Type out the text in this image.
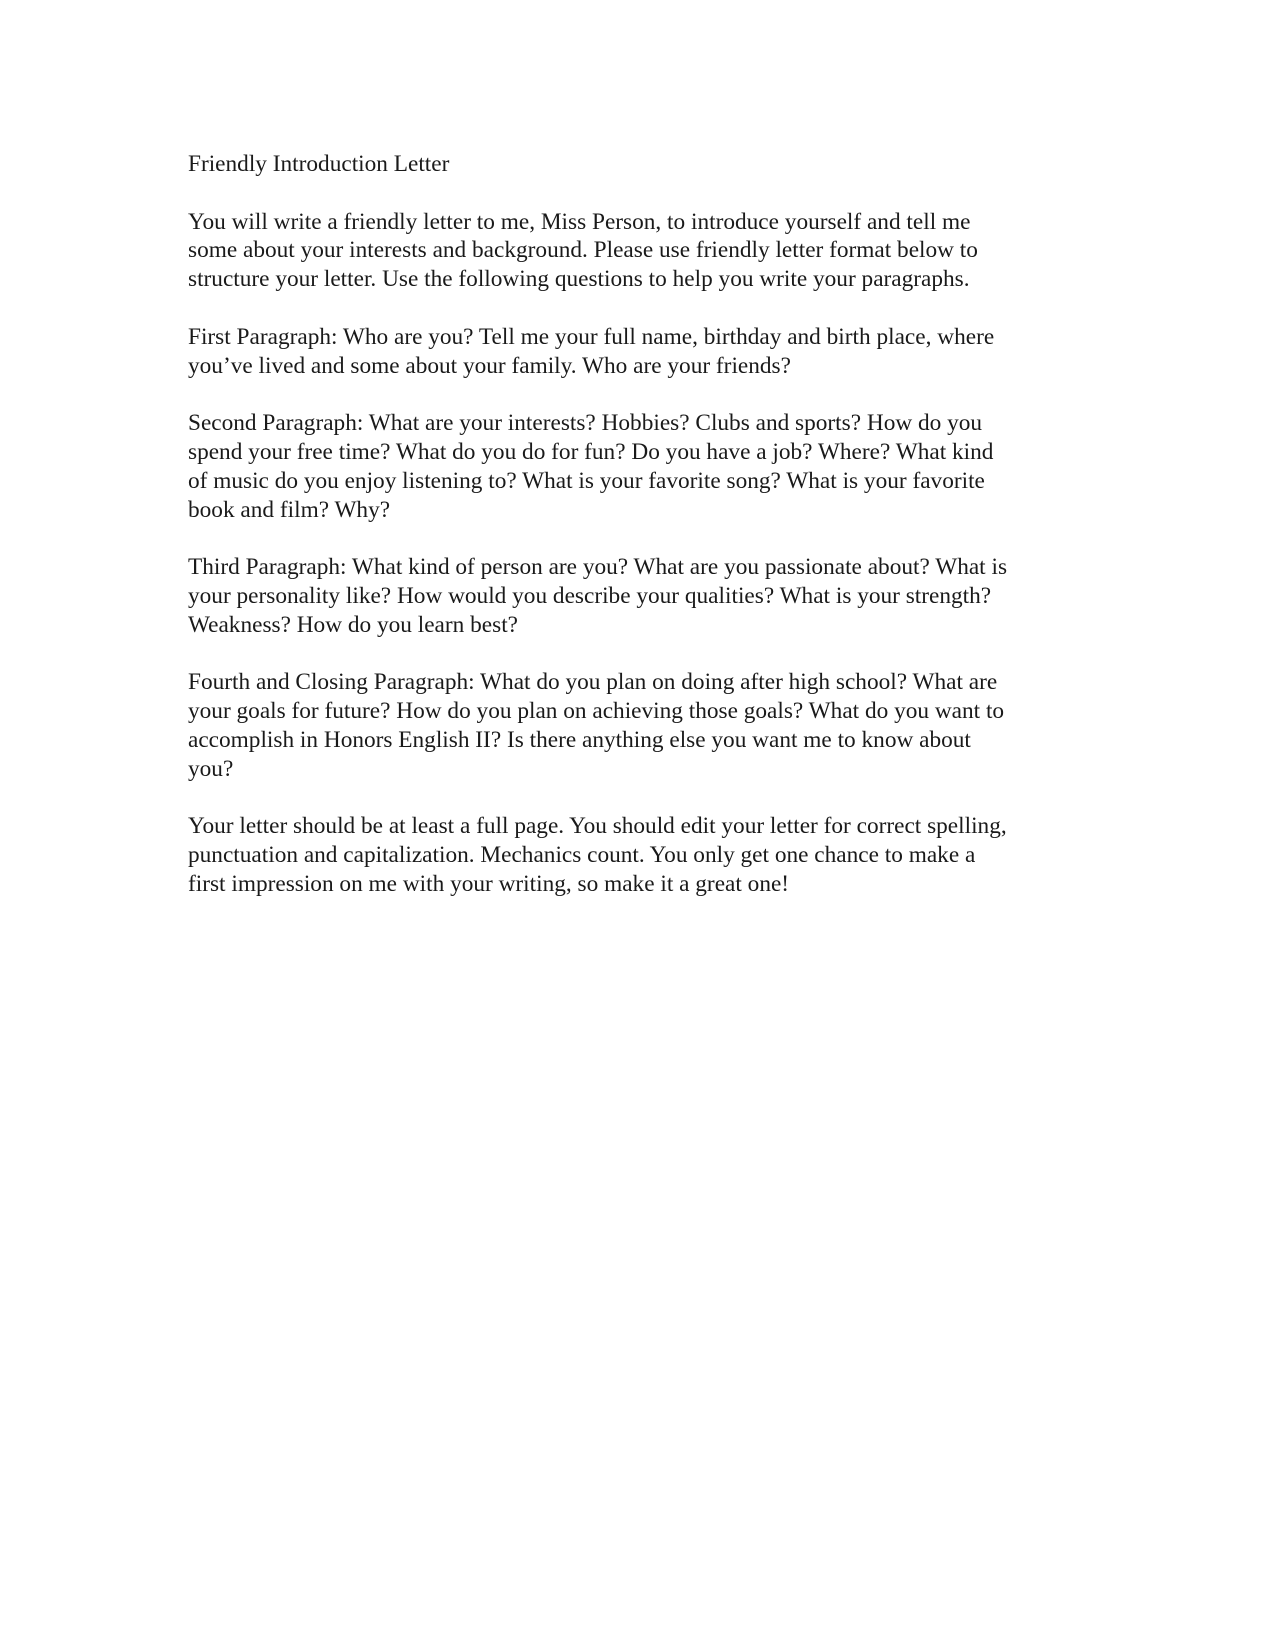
Friendly Introduction Letter
You will write a friendly letter to me, Miss Person, to introduce yourself and tell me
some about your interests and background. Please use friendly letter format below to
structure your letter. Use the following questions to help you write your paragraphs.
First Paragraph: Who are you? Tell me your full name, birthday and birth place, where
you’ve lived and some about your family. Who are your friends?
Second Paragraph: What are your interests? Hobbies? Clubs and sports? How do you
spend your free time? What do you do for fun? Do you have a job? Where? What kind
of music do you enjoy listening to? What is your favorite song? What is your favorite
book and film? Why?
Third Paragraph: What kind of person are you? What are you passionate about? What is
your personality like? How would you describe your qualities? What is your strength?
Weakness? How do you learn best?
Fourth and Closing Paragraph: What do you plan on doing after high school? What are
your goals for future? How do you plan on achieving those goals? What do you want to
accomplish in Honors English II? Is there anything else you want me to know about
you?
Your letter should be at least a full page. You should edit your letter for correct spelling,
punctuation and capitalization. Mechanics count. You only get one chance to make a
first impression on me with your writing, so make it a great one!
